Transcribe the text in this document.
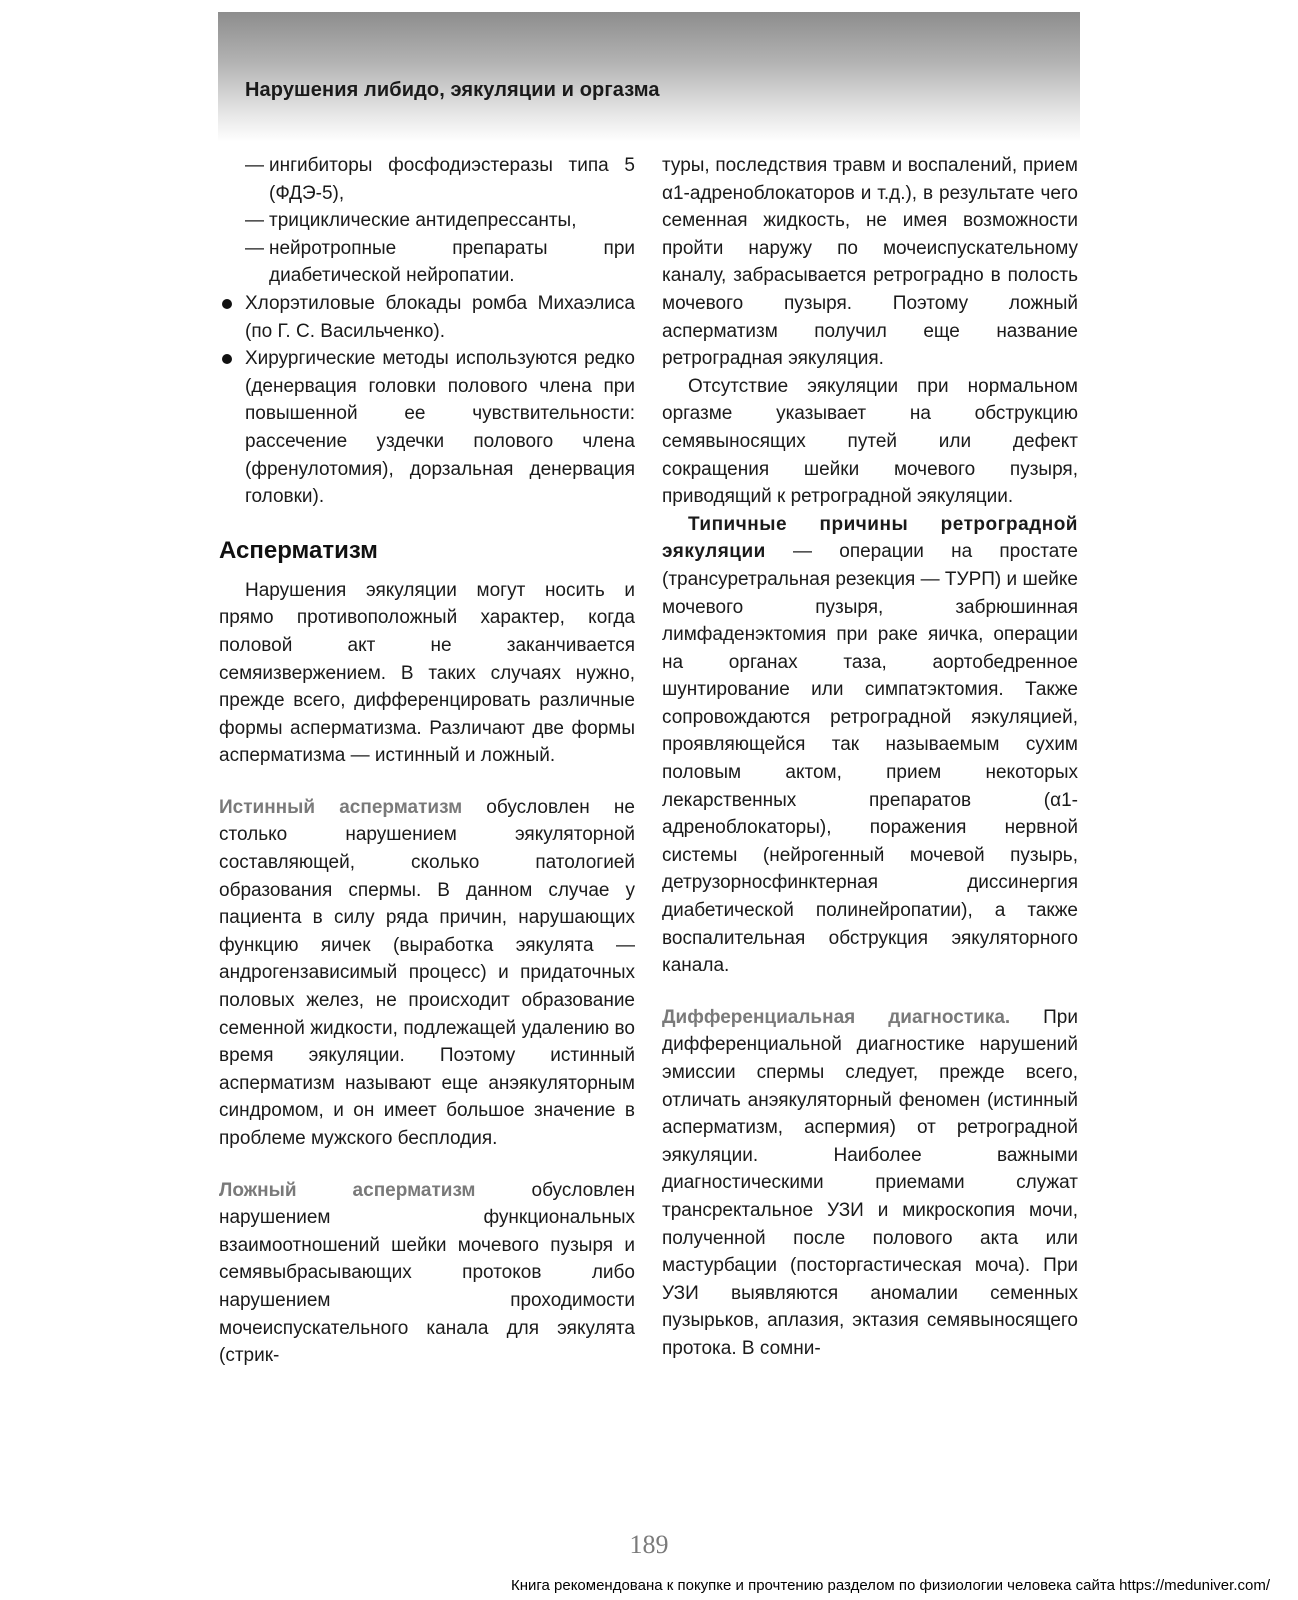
Нарушения либидо, эякуляции и оргазма
— ингибиторы фосфодиэстеразы типа 5 (ФДЭ-5),
— трициклические антидепрессанты,
— нейротропные препараты при диабетической нейропатии.
Хлорэтиловые блокады ромба Михаэлиса (по Г. С. Васильченко).
Хирургические методы используются редко (денервация головки полового члена при повышенной ее чувствительности: рассечение уздечки полового члена (френулотомия), дорзальная денервация головки).
Асперматизм

Нарушения эякуляции могут носить и прямо противоположный характер, когда половой акт не заканчивается семяизвержением. В таких случаях нужно, прежде всего, дифференцировать различные формы асперматизма. Различают две формы асперматизма — истинный и ложный.

Истинный асперматизм обусловлен не столько нарушением эякуляторной составляющей, сколько патологией образования спермы. В данном случае у пациента в силу ряда причин, нарушающих функцию яичек (выработка эякулята — андрогензависимый процесс) и придаточных половых желез, не происходит образование семенной жидкости, подлежащей удалению во время эякуляции. Поэтому истинный асперматизм называют еще анэякуляторным синдромом, и он имеет большое значение в проблеме мужского бесплодия.

Ложный асперматизм обусловлен нарушением функциональных взаимоотношений шейки мочевого пузыря и семявыбрасывающих протоков либо нарушением проходимости мочеиспускательного канала для эякулята (стрик-

туры, последствия травм и воспалений, прием α1-адреноблокаторов и т.д.), в результате чего семенная жидкость, не имея возможности пройти наружу по мочеиспускательному каналу, забрасывается ретроградно в полость мочевого пузыря. Поэтому ложный асперматизм получил еще название ретроградная эякуляция.

Отсутствие эякуляции при нормальном оргазме указывает на обструкцию семявыносящих путей или дефект сокращения шейки мочевого пузыря, приводящий к ретроградной эякуляции.

Типичные причины ретроградной эякуляции — операции на простате (трансуретральная резекция — ТУРП) и шейке мочевого пузыря, забрюшинная лимфаденэктомия при раке яичка, операции на органах таза, аортобедренное шунтирование или симпатэктомия. Также сопровождаются ретроградной яэкуляцией, проявляющейся так называемым сухим половым актом, прием некоторых лекарственных препаратов (α1-адреноблокаторы), поражения нервной системы (нейрогенный мочевой пузырь, детрузорносфинктерная диссинергия диабетической полинейропатии), а также воспалительная обструкция эякуляторного канала.

Дифференциальная диагностика. При дифференциальной диагностике нарушений эмиссии спермы следует, прежде всего, отличать анэякуляторный феномен (истинный асперматизм, аспермия) от ретроградной эякуляции. Наиболее важными диагностическими приемами служат трансректальное УЗИ и микроскопия мочи, полученной после полового акта или мастурбации (посторгастическая моча). При УЗИ выявляются аномалии семенных пузырьков, аплазия, эктазия семявыносящего протока. В сомни-

189
Книга рекомендована к покупке и прочтению разделом по физиологии человека сайта https://meduniver.com/
